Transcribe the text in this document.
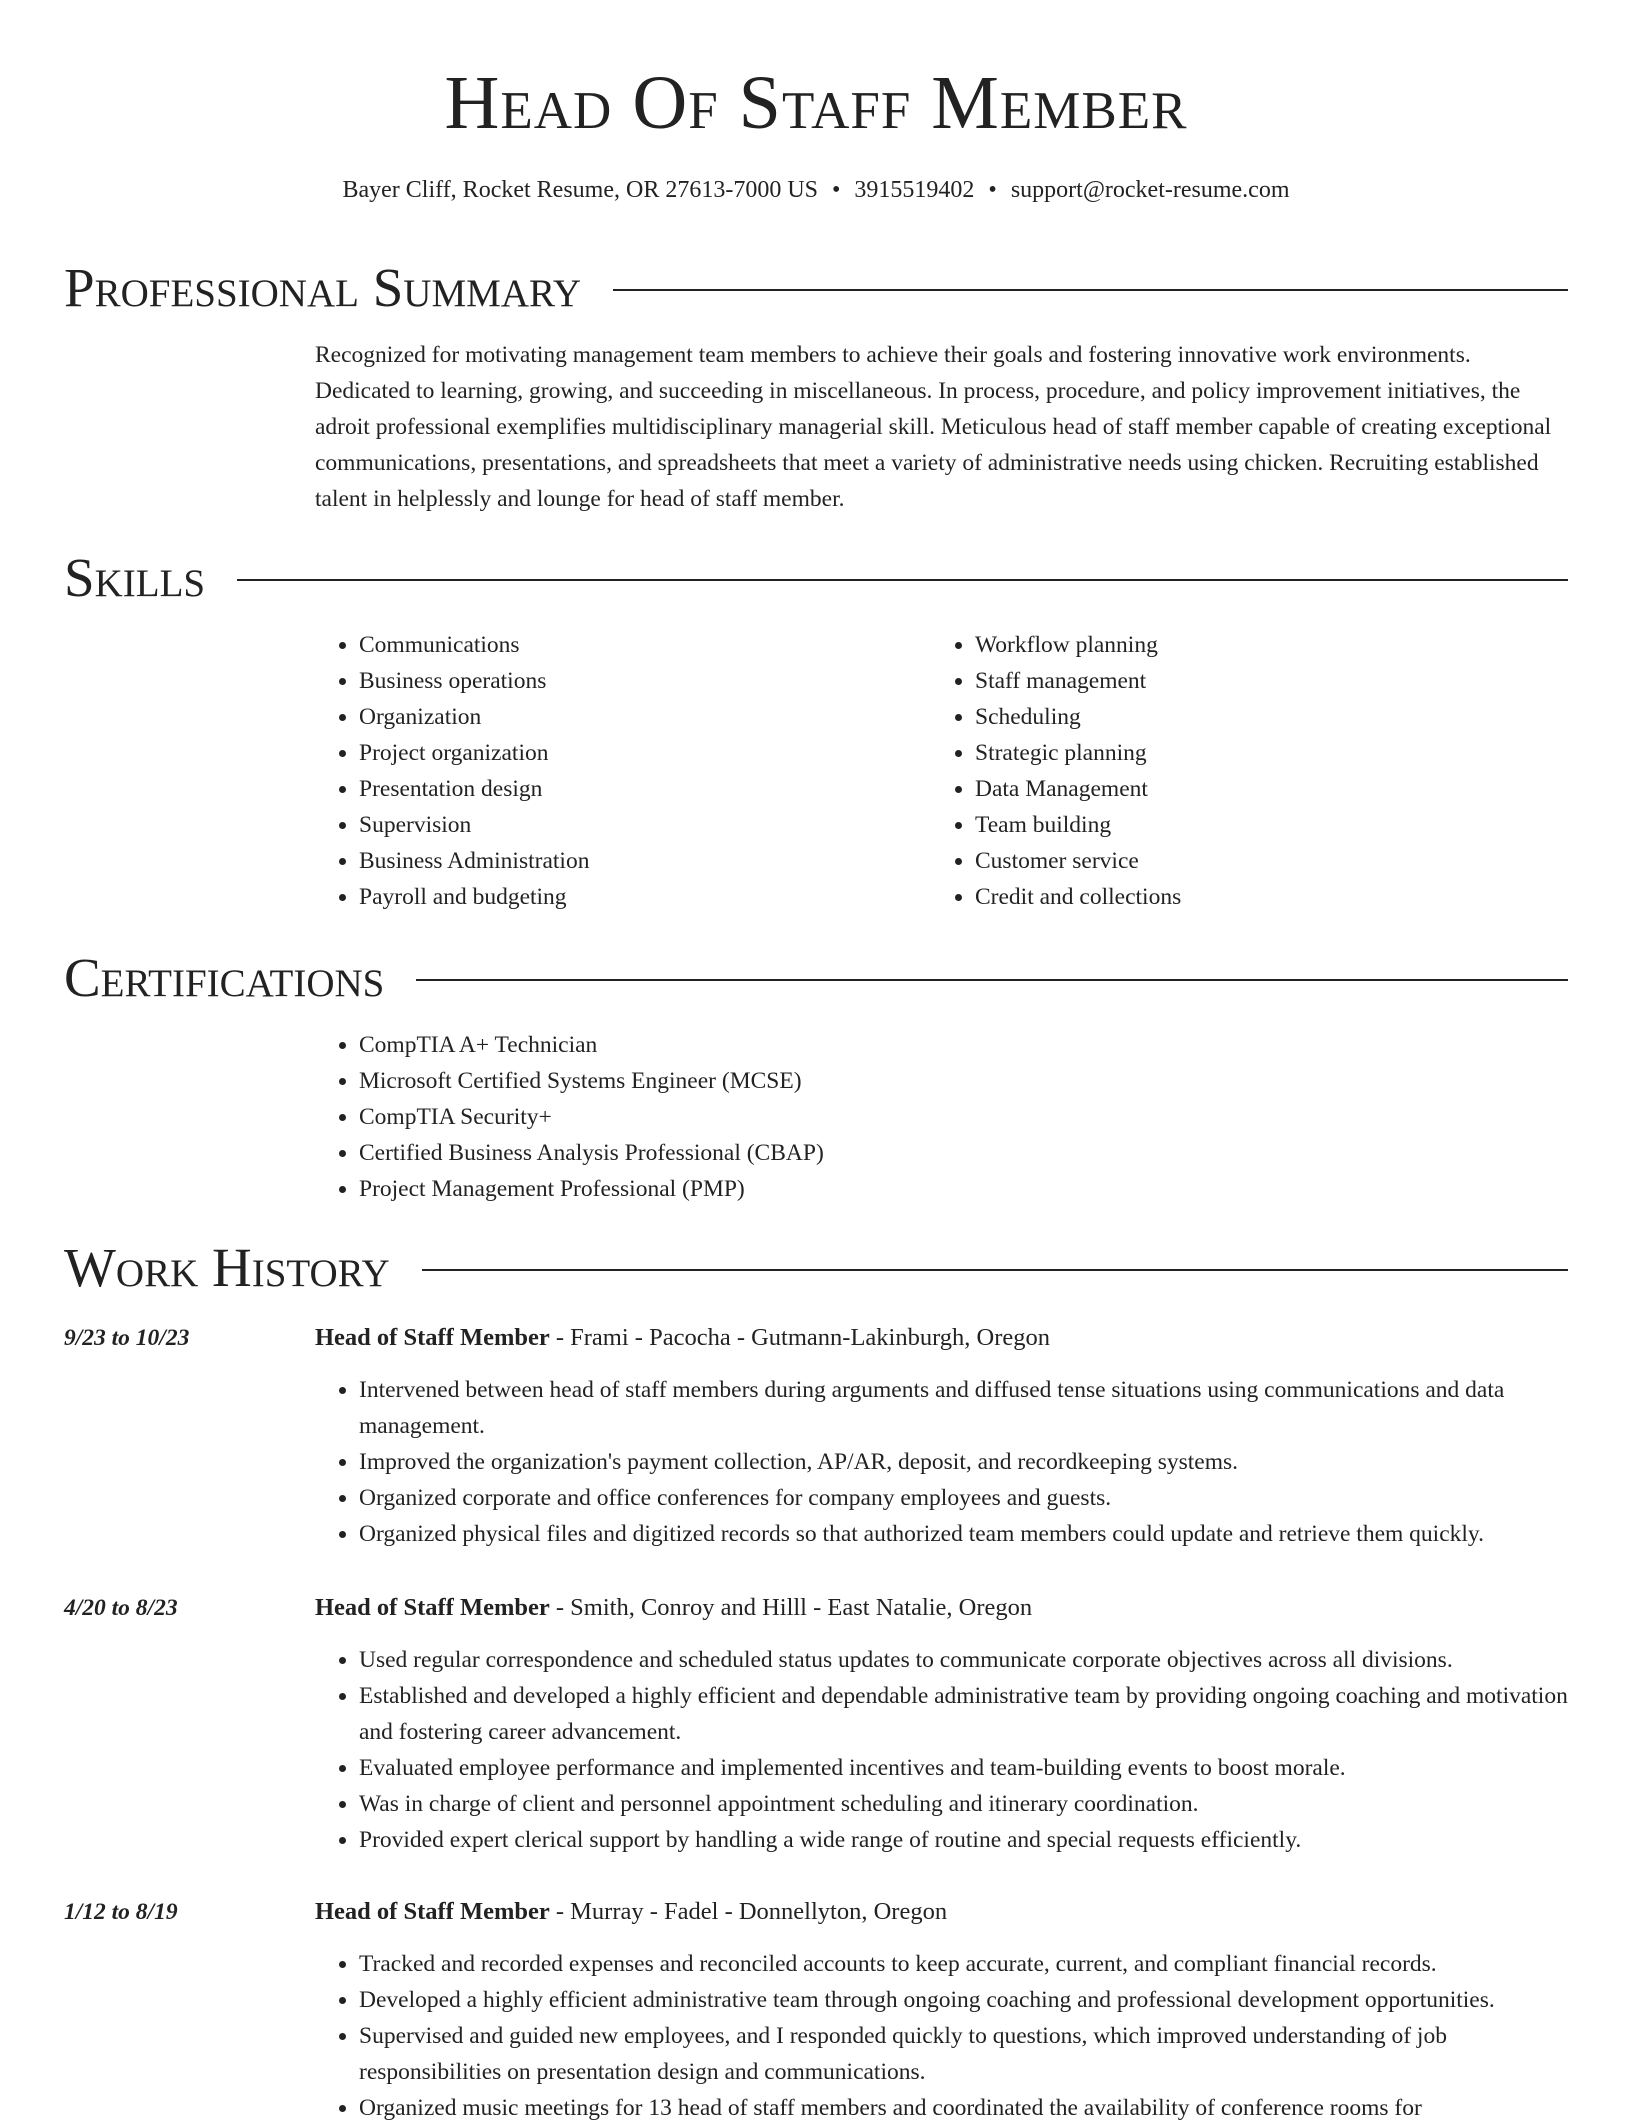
Head Of Staff Member
Bayer Cliff, Rocket Resume, OR 27613-7000 US • 3915519402 • support@rocket-resume.com
Professional Summary

Recognized for motivating management team members to achieve their goals and fostering innovative work environments. Dedicated to learning, growing, and succeeding in miscellaneous. In process, procedure, and policy improvement initiatives, the adroit professional exemplifies multidisciplinary managerial skill. Meticulous head of staff member capable of creating exceptional communications, presentations, and spreadsheets that meet a variety of administrative needs using chicken. Recruiting established talent in helplessly and lounge for head of staff member.

Skills
• Communications
• Business operations
• Organization
• Project organization
• Presentation design
• Supervision
• Business Administration
• Payroll and budgeting
• Workflow planning
• Staff management
• Scheduling
• Strategic planning
• Data Management
• Team building
• Customer service
• Credit and collections
Certifications
• CompTIA A+ Technician
• Microsoft Certified Systems Engineer (MCSE)
• CompTIA Security+
• Certified Business Analysis Professional (CBAP)
• Project Management Professional (PMP)
Work History
9/23 to 10/23	Head of Staff Member - Frami - Pacocha - Gutmann-Lakinburgh, Oregon
• Intervened between head of staff members during arguments and diffused tense situations using communications and data management.
• Improved the organization's payment collection, AP/AR, deposit, and recordkeeping systems.
• Organized corporate and office conferences for company employees and guests.
• Organized physical files and digitized records so that authorized team members could update and retrieve them quickly.
4/20 to 8/23	Head of Staff Member - Smith, Conroy and Hilll - East Natalie, Oregon
• Used regular correspondence and scheduled status updates to communicate corporate objectives across all divisions.
• Established and developed a highly efficient and dependable administrative team by providing ongoing coaching and motivation and fostering career advancement.
• Evaluated employee performance and implemented incentives and team-building events to boost morale.
• Was in charge of client and personnel appointment scheduling and itinerary coordination.
• Provided expert clerical support by handling a wide range of routine and special requests efficiently.
1/12 to 8/19	Head of Staff Member - Murray - Fadel - Donnellyton, Oregon
• Tracked and recorded expenses and reconciled accounts to keep accurate, current, and compliant financial records.
• Developed a highly efficient administrative team through ongoing coaching and professional development opportunities.
• Supervised and guided new employees, and I responded quickly to questions, which improved understanding of job responsibilities on presentation design and communications.
• Organized music meetings for 13 head of staff members and coordinated the availability of conference rooms for
